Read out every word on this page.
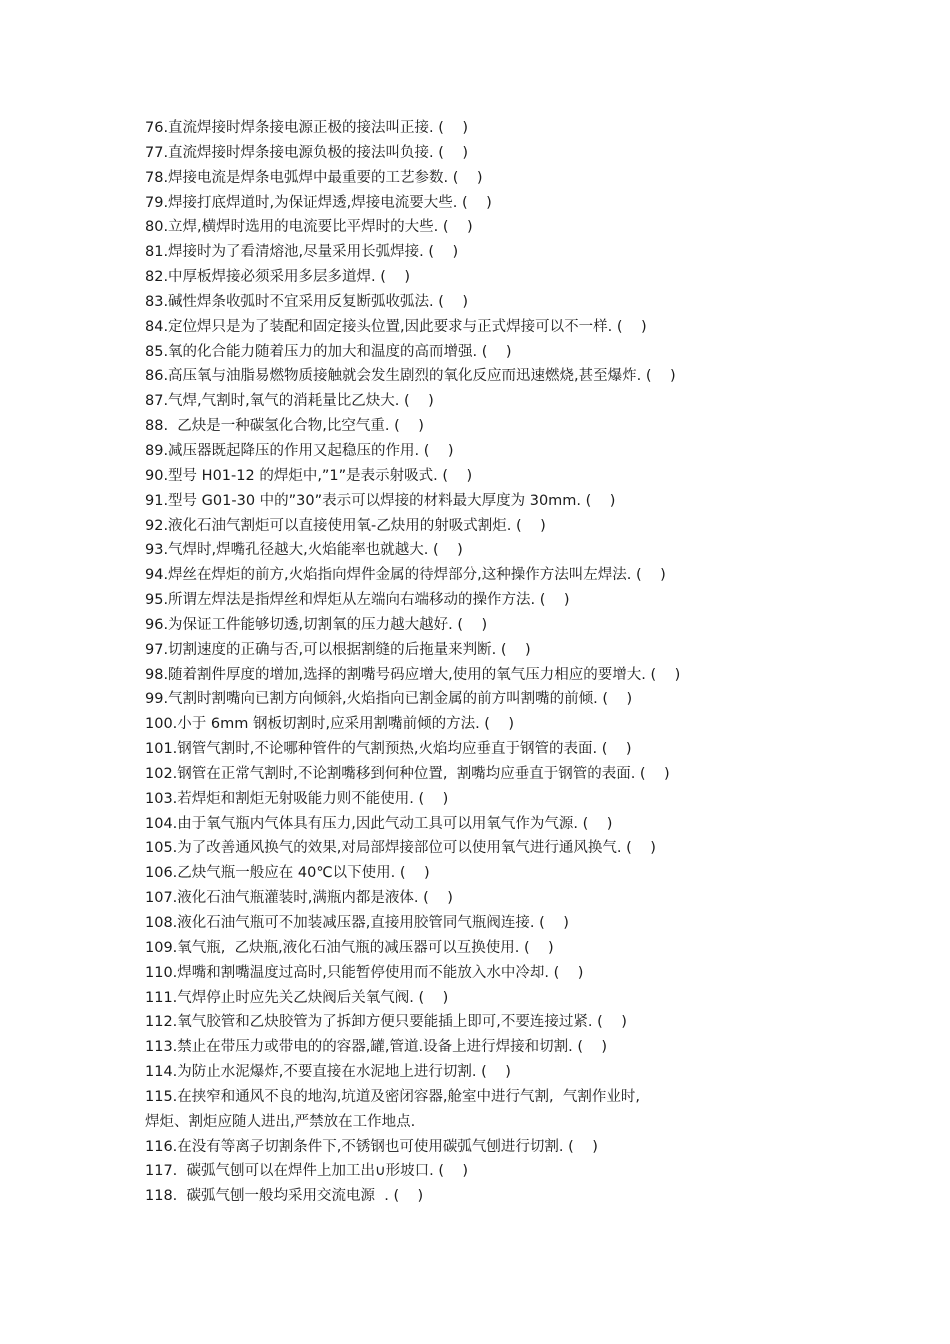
76.直流焊接时焊条接电源正极的接法叫正接. (    )
77.直流焊接时焊条接电源负极的接法叫负接. (    )
78.焊接电流是焊条电弧焊中最重要的工艺参数. (    )
79.焊接打底焊道时,为保证焊透,焊接电流要大些. (    )
80.立焊,横焊时选用的电流要比平焊时的大些. (    )
81.焊接时为了看清熔池,尽量采用长弧焊接. (    )
82.中厚板焊接必须采用多层多道焊. (    )
83.碱性焊条收弧时不宜采用反复断弧收弧法. (    )
84.定位焊只是为了装配和固定接头位置,因此要求与正式焊接可以不一样. (    )
85.氧的化合能力随着压力的加大和温度的高而增强. (    )
86.高压氧与油脂易燃物质接触就会发生剧烈的氧化反应而迅速燃烧,甚至爆炸. (    )
87.气焊,气割时,氧气的消耗量比乙炔大. (    )
88.  乙炔是一种碳氢化合物,比空气重. (    )
89.减压器既起降压的作用又起稳压的作用. (    )
90.型号 H01-12 的焊炬中,”1”是表示射吸式. (    )
91.型号 G01-30 中的”30”表示可以焊接的材料最大厚度为 30mm. (    )
92.液化石油气割炬可以直接使用氧-乙炔用的射吸式割炬. (    )
93.气焊时,焊嘴孔径越大,火焰能率也就越大. (    )
94.焊丝在焊炬的前方,火焰指向焊件金属的待焊部分,这种操作方法叫左焊法. (    )
95.所谓左焊法是指焊丝和焊炬从左端向右端移动的操作方法. (    )
96.为保证工件能够切透,切割氧的压力越大越好. (    )
97.切割速度的正确与否,可以根据割缝的后拖量来判断. (    )
98.随着割件厚度的增加,选择的割嘴号码应增大,使用的氧气压力相应的要增大. (    )
99.气割时割嘴向已割方向倾斜,火焰指向已割金属的前方叫割嘴的前倾. (    )
100.小于 6mm 钢板切割时,应采用割嘴前倾的方法. (    )
101.钢管气割时,不论哪种管件的气割预热,火焰均应垂直于钢管的表面. (    )
102.钢管在正常气割时,不论割嘴移到何种位置,  割嘴均应垂直于钢管的表面. (    )
103.若焊炬和割炬无射吸能力则不能使用. (    )
104.由于氧气瓶内气体具有压力,因此气动工具可以用氧气作为气源. (    )
105.为了改善通风换气的效果,对局部焊接部位可以使用氧气进行通风换气. (    )
106.乙炔气瓶一般应在 40℃以下使用. (    )
107.液化石油气瓶灌装时,满瓶内都是液体. (    )
108.液化石油气瓶可不加装减压器,直接用胶管同气瓶阀连接. (    )
109.氧气瓶,  乙炔瓶,液化石油气瓶的减压器可以互换使用. (    )
110.焊嘴和割嘴温度过高时,只能暂停使用而不能放入水中冷却. (    )
111.气焊停止时应先关乙炔阀后关氧气阀. (    )
112.氧气胶管和乙炔胶管为了拆卸方便只要能插上即可,不要连接过紧. (    )
113.禁止在带压力或带电的的容器,罐,管道.设备上进行焊接和切割. (    )
114.为防止水泥爆炸,不要直接在水泥地上进行切割. (    )
115.在挟窄和通风不良的地沟,坑道及密闭容器,舱室中进行气割,  气割作业时,
焊炬、割炬应随人进出,严禁放在工作地点.
116.在没有等离子切割条件下,不锈钢也可使用碳弧气刨进行切割. (    )
117.  碳弧气刨可以在焊件上加工出∪形坡口. (    )
118.  碳弧气刨一般均采用交流电源  . (    )
